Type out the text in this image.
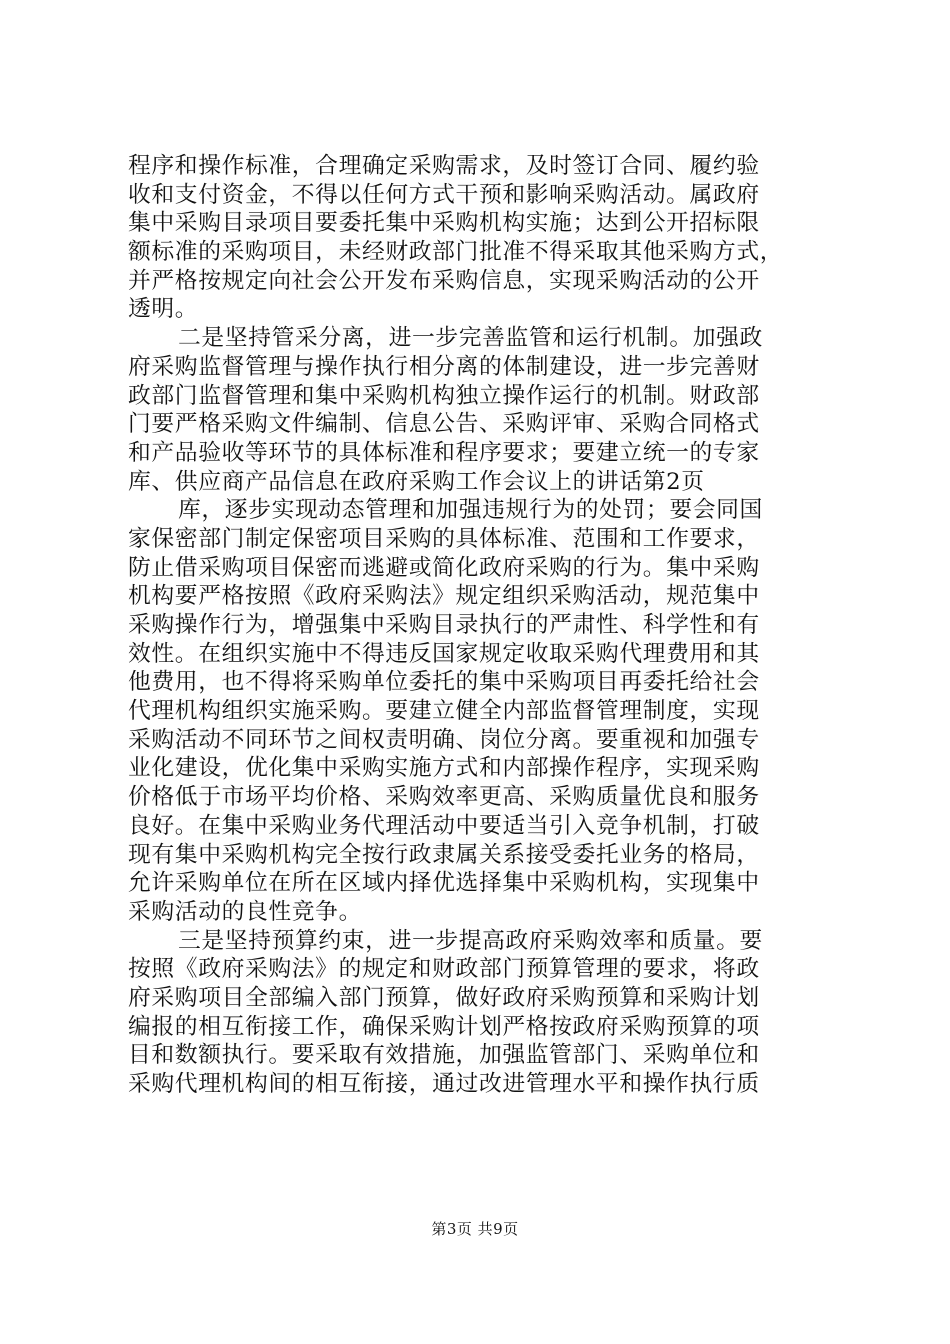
程序和操作标准，合理确定采购需求，及时签订合同、履约验
收和支付资金，不得以任何方式干预和影响采购活动。属政府
集中采购目录项目要委托集中采购机构实施；达到公开招标限
额标准的采购项目，未经财政部门批准不得采取其他采购方式，
并严格按规定向社会公开发布采购信息，实现采购活动的公开
透明。
二是坚持管采分离，进一步完善监管和运行机制。加强政
府采购监督管理与操作执行相分离的体制建设，进一步完善财
政部门监督管理和集中采购机构独立操作运行的机制。财政部
门要严格采购文件编制、信息公告、采购评审、采购合同格式
和产品验收等环节的具体标准和程序要求；要建立统一的专家
库、供应商产品信息在政府采购工作会议上的讲话第2页
库，逐步实现动态管理和加强违规行为的处罚；要会同国
家保密部门制定保密项目采购的具体标准、范围和工作要求，
防止借采购项目保密而逃避或简化政府采购的行为。集中采购
机构要严格按照《政府采购法》规定组织采购活动，规范集中
采购操作行为，增强集中采购目录执行的严肃性、科学性和有
效性。在组织实施中不得违反国家规定收取采购代理费用和其
他费用，也不得将采购单位委托的集中采购项目再委托给社会
代理机构组织实施采购。要建立健全内部监督管理制度，实现
采购活动不同环节之间权责明确、岗位分离。要重视和加强专
业化建设，优化集中采购实施方式和内部操作程序，实现采购
价格低于市场平均价格、采购效率更高、采购质量优良和服务
良好。在集中采购业务代理活动中要适当引入竞争机制，打破
现有集中采购机构完全按行政隶属关系接受委托业务的格局，
允许采购单位在所在区域内择优选择集中采购机构，实现集中
采购活动的良性竞争。
三是坚持预算约束，进一步提高政府采购效率和质量。要
按照《政府采购法》的规定和财政部门预算管理的要求，将政
府采购项目全部编入部门预算，做好政府采购预算和采购计划
编报的相互衔接工作，确保采购计划严格按政府采购预算的项
目和数额执行。要采取有效措施，加强监管部门、采购单位和
采购代理机构间的相互衔接，通过改进管理水平和操作执行质
第3页 共9页
